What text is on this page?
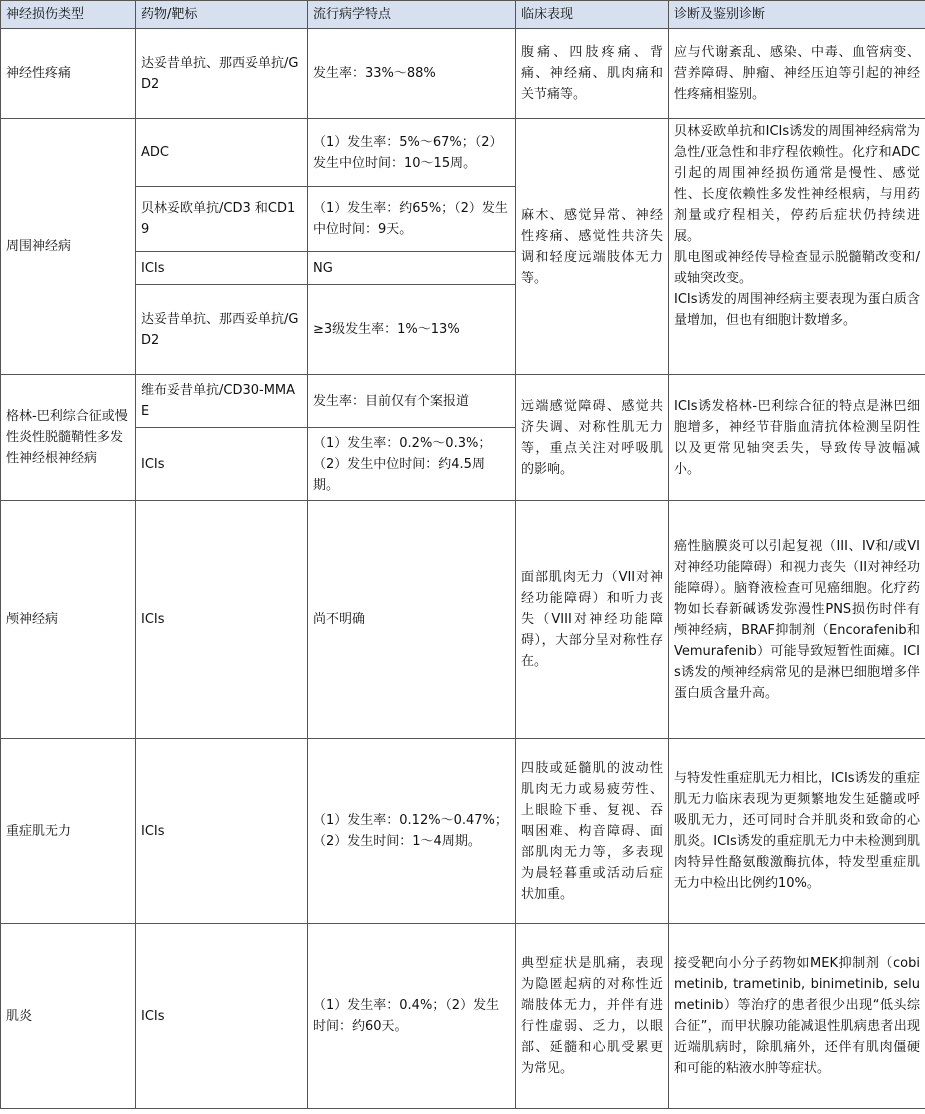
神经损伤类型	药物/靶标	流行病学特点	临床表现	诊断及鉴别诊断
神经性疼痛	达妥昔单抗、那西妥单抗/GD2	发生率：33%～88%	腹痛、四肢疼痛、背痛、神经痛、肌肉痛和关节痛等。	应与代谢紊乱、感染、中毒、血管病变、营养障碍、肿瘤、神经压迫等引起的神经性疼痛相鉴别。
周围神经病	ADC	（1）发生率：5%～67%；（2）发生中位时间：10～15周。	麻木、感觉异常、神经性疼痛、感觉性共济失调和轻度远端肢体无力等。	贝林妥欧单抗和ICIs诱发的周围神经病常为急性/亚急性和非疗程依赖性。化疗和ADC引起的周围神经损伤通常是慢性、感觉性、长度依赖性多发性神经根病，与用药剂量或疗程相关，停药后症状仍持续进展。
肌电图或神经传导检查显示脱髓鞘改变和/或轴突改变。
ICIs诱发的周围神经病主要表现为蛋白质含量增加，但也有细胞计数增多。

	贝林妥欧单抗/CD3 和CD19	（1）发生率：约65%；（2）发生中位时间：9天。		
	ICIs	NG		
	达妥昔单抗、那西妥单抗/GD2	≥3级发生率：1%～13%		
格林-巴利综合征或慢性炎性脱髓鞘性多发性神经根神经病	维布妥昔单抗/CD30-MMAE	发生率：目前仅有个案报道	远端感觉障碍、感觉共济失调、对称性肌无力等，重点关注对呼吸肌的影响。	ICIs诱发格林-巴利综合征的特点是淋巴细胞增多，神经节苷脂血清抗体检测呈阴性以及更常见轴突丢失，导致传导波幅减小。
	ICIs	（1）发生率：0.2%～0.3%；（2）发生中位时间：约4.5周期。		
颅神经病	ICIs	尚不明确	面部肌肉无力（VII对神经功能障碍）和听力丧失（VIII对神经功能障碍），大部分呈对称性存在。	癌性脑膜炎可以引起复视（III、IV和/或VI对神经功能障碍）和视力丧失（II对神经功能障碍）。脑脊液检查可见癌细胞。化疗药物如长春新碱诱发弥漫性PNS损伤时伴有颅神经病，BRAF抑制剂（Encorafenib和Vemurafenib）可能导致短暂性面瘫。ICIs诱发的颅神经病常见的是淋巴细胞增多伴蛋白质含量升高。
重症肌无力	ICIs	（1）发生率：0.12%～0.47%；（2）发生时间：1～4周期。	四肢或延髓肌的波动性肌肉无力或易疲劳性、上眼睑下垂、复视、吞咽困难、构音障碍、面部肌肉无力等，多表现为晨轻暮重或活动后症状加重。	与特发性重症肌无力相比，ICIs诱发的重症肌无力临床表现为更频繁地发生延髓或呼吸肌无力，还可同时合并肌炎和致命的心肌炎。ICIs诱发的重症肌无力中未检测到肌肉特异性酪氨酸激酶抗体，特发型重症肌无力中检出比例约10%。
肌炎	ICIs	（1）发生率：0.4%；（2）发生时间：约60天。	典型症状是肌痛，表现为隐匿起病的对称性近端肢体无力，并伴有进行性虚弱、乏力，以眼部、延髓和心肌受累更为常见。	接受靶向小分子药物如MEK抑制剂（cobimetinib, trametinib, binimetinib, selumetinib）等治疗的患者很少出现“低头综合征”，而甲状腺功能减退性肌病患者出现近端肌病时，除肌痛外，还伴有肌肉僵硬和可能的粘液水肿等症状。
